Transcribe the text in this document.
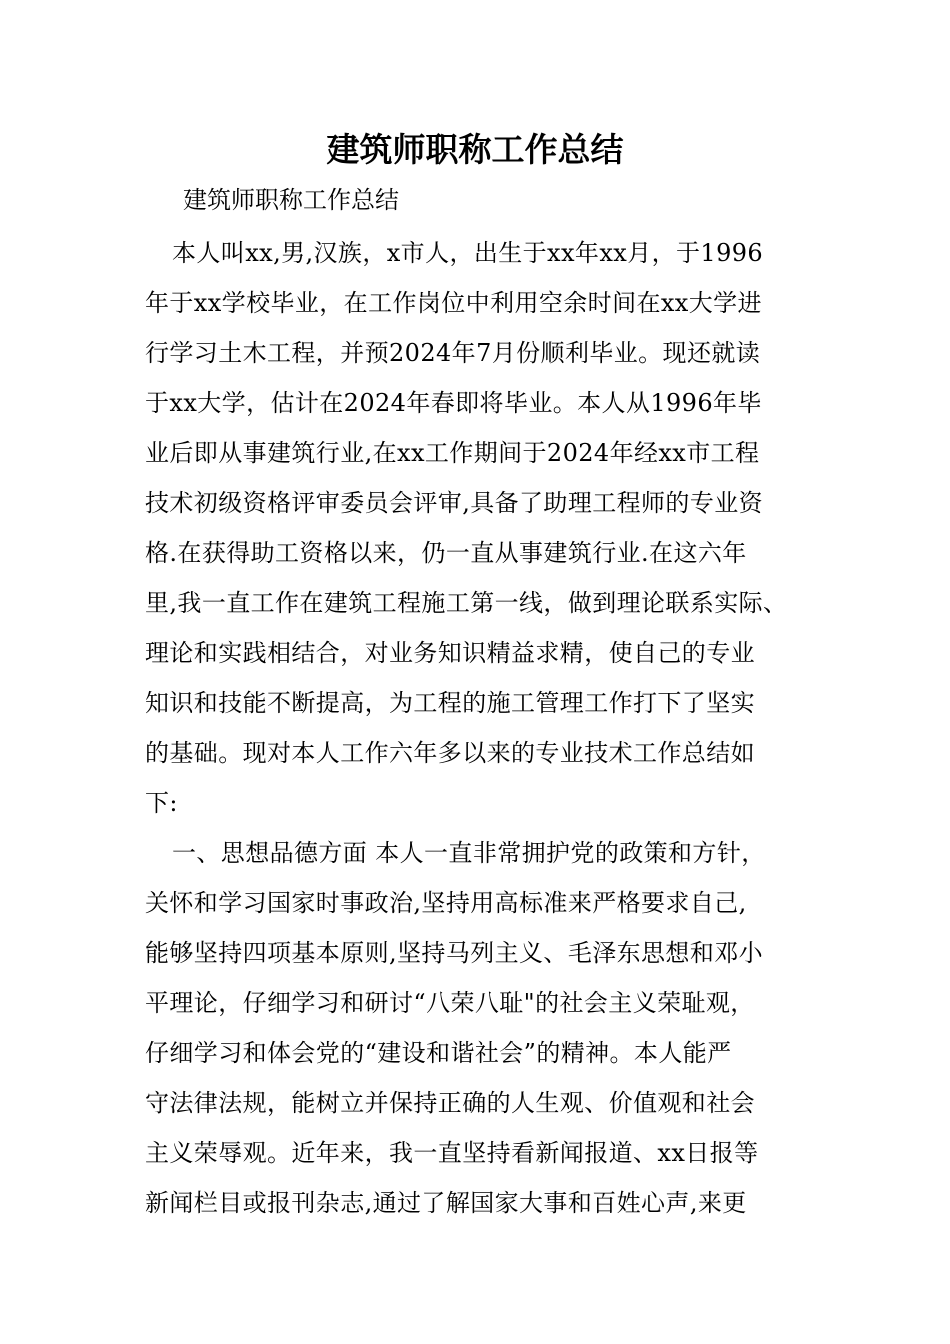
建筑师职称工作总结

建筑师职称工作总结

本人叫xx,男,汉族，x市人，出生于xx年xx月，于1996
年于xx学校毕业，在工作岗位中利用空余时间在xx大学进
行学习土木工程，并预2024年7月份顺利毕业。现还就读
于xx大学，估计在2024年春即将毕业。本人从1996年毕
业后即从事建筑行业,在xx工作期间于2024年经xx市工程
技术初级资格评审委员会评审,具备了助理工程师的专业资
格.在获得助工资格以来，仍一直从事建筑行业.在这六年
里,我一直工作在建筑工程施工第一线，做到理论联系实际、
理论和实践相结合，对业务知识精益求精，使自己的专业
知识和技能不断提高，为工程的施工管理工作打下了坚实
的基础。现对本人工作六年多以来的专业技术工作总结如
下:
一、思想品德方面 本人一直非常拥护党的政策和方针，
关怀和学习国家时事政治,坚持用高标准来严格要求自己,
能够坚持四项基本原则,坚持马列主义、毛泽东思想和邓小
平理论，仔细学习和研讨“八荣八耻"的社会主义荣耻观，
仔细学习和体会党的“建设和谐社会”的精神。本人能严
守法律法规，能树立并保持正确的人生观、价值观和社会
主义荣辱观。近年来，我一直坚持看新闻报道、xx日报等
新闻栏目或报刊杂志,通过了解国家大事和百姓心声,来更
